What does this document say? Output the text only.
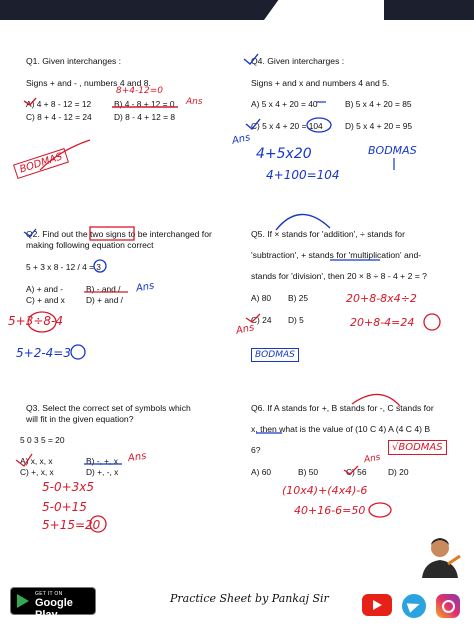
Q1. Given interchanges :
Signs + and - , numbers 4 and 8.
A) 4 + 8 - 12 = 12	B) 4 - 8 + 12 = 0
C) 8 + 4 - 12 = 24	D) 8 - 4 + 12 = 8
Q4. Given intercharges :
Signs + and x and numbers 4 and 5.
A) 5 x 4 + 20 = 40	B) 5 x 4 + 20 = 85
C) 5 x 4 + 20 = 104	D) 5 x 4 + 20 = 95
Q2. Find out the two signs to be interchanged for
making following equation correct
5 + 3 x 8 - 12 / 4 = 3
A) + and -	B) - and /
C) + and x	D) + and /
Q5. If × stands for 'addition', ÷ stands for
'subtraction', + stands for 'multiplication' and-
stands for 'division', then 20 × 8 ÷ 8 - 4 + 2 = ?
A) 80 B) 25
C) 24 D) 5
Q3. Select the correct set of symbols which
will fit in the given equation?
5 0 3 5 = 20
A) x, x, x	B) -, +, x
C) +, x, x	D) +, -, x
Q6. If A stands for +, B stands for -, C stands for
x, then what is the value of (10 C 4) A (4 C 4) B
6?
A) 60	B) 50	C) 56	D) 20
8+4-12=0
Ans
BODMAS
Ans
4+5x20
4+100=104
BODMAS
Ans
5+3÷8-4
5+2-4=3
20+8-8x4÷2
20+8-4=24
Ans
BODMAS
Ans
5-0+3x5
5-0+15
5+15=20
√BODMAS
Ans
(10x4)+(4x4)-6
40+16-6=50
GET IT ON
Google Play
Practice Sheet by Pankaj Sir
